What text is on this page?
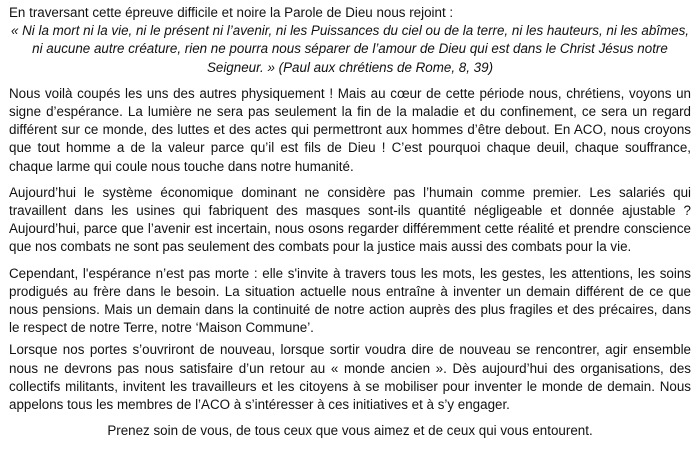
En traversant cette épreuve difficile et noire la Parole de Dieu nous rejoint :

« Ni la mort ni la vie, ni le présent ni l’avenir, ni les Puissances du ciel ou de la terre, ni les hauteurs, ni les abîmes, ni aucune autre créature, rien ne pourra nous séparer de l’amour de Dieu qui est dans le Christ Jésus notre Seigneur. » (Paul aux chrétiens de Rome, 8, 39)

Nous voilà coupés les uns des autres physiquement ! Mais au cœur de cette période nous, chrétiens, voyons un signe d’espérance. La lumière ne sera pas seulement la fin de la maladie et du confinement, ce sera un regard différent sur ce monde, des luttes et des actes qui permettront aux hommes d’être debout. En ACO, nous croyons que tout homme a de la valeur parce qu’il est fils de Dieu ! C’est pourquoi chaque deuil, chaque souffrance, chaque larme qui coule nous touche dans notre humanité.

Aujourd’hui le système économique dominant ne considère pas l’humain comme premier. Les salariés qui travaillent dans les usines qui fabriquent des masques sont-ils quantité négligeable et donnée ajustable ? Aujourd’hui, parce que l’avenir est incertain, nous osons regarder différemment cette réalité et prendre conscience que nos combats ne sont pas seulement des combats pour la justice mais aussi des combats pour la vie.

Cependant, l'espérance n’est pas morte : elle s'invite à travers tous les mots, les gestes, les attentions, les soins prodigués au frère dans le besoin. La situation actuelle nous entraîne à inventer un demain différent de ce que nous pensions. Mais un demain dans la continuité de notre action auprès des plus fragiles et des précaires, dans le respect de notre Terre, notre ‘Maison Commune’.

Lorsque nos portes s’ouvriront de nouveau, lorsque sortir voudra dire de nouveau se rencontrer, agir ensemble nous ne devrons pas nous satisfaire d’un retour au « monde ancien ». Dès aujourd’hui des organisations, des collectifs militants, invitent les travailleurs et les citoyens à se mobiliser pour inventer le monde de demain. Nous appelons tous les membres de l’ACO à s’intéresser à ces initiatives et à s’y engager.

Prenez soin de vous, de tous ceux que vous aimez et de ceux qui vous entourent.
